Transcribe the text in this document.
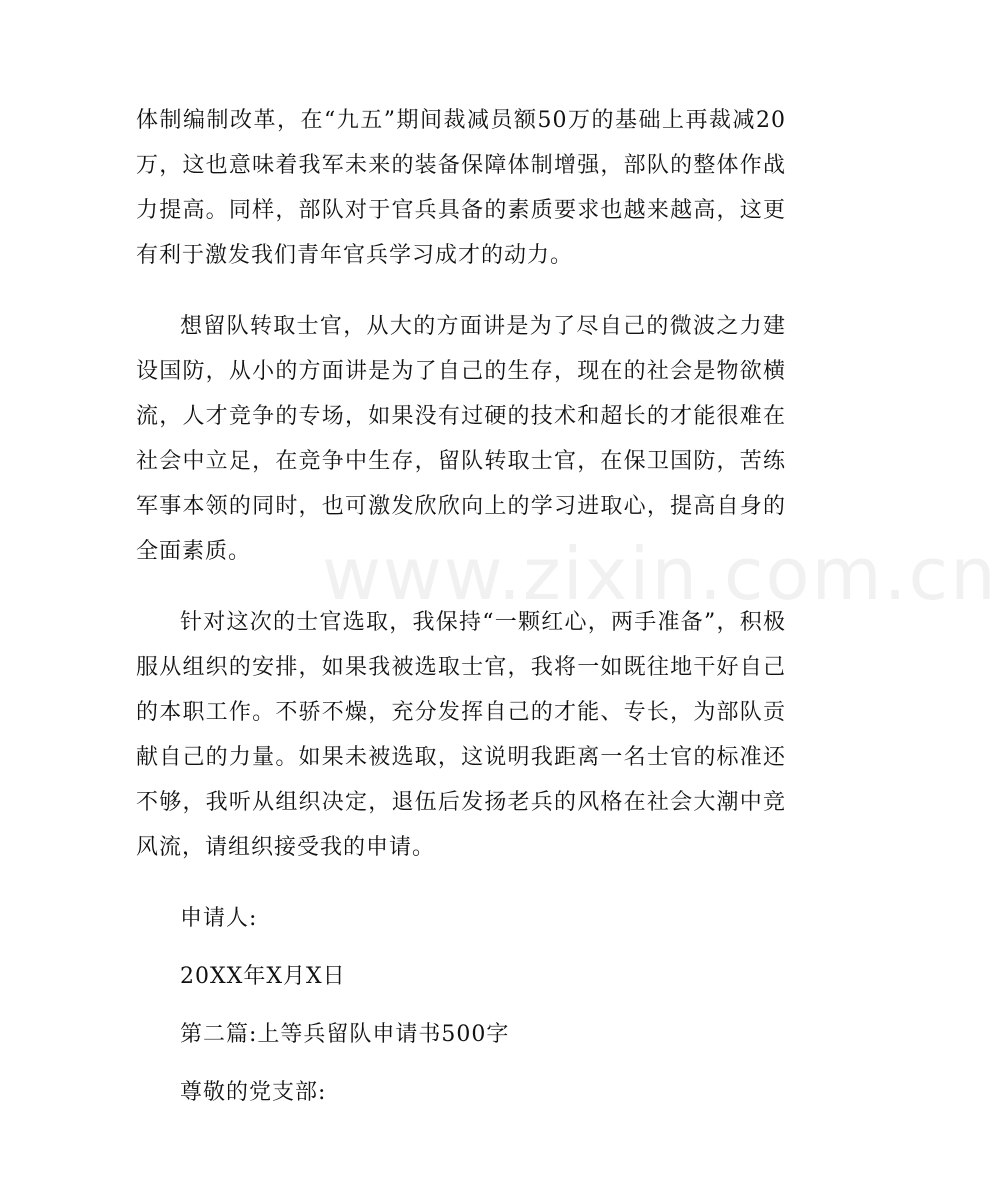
www.zixin.com.cn

体制编制改革，在“九五”期间裁减员额50万的基础上再裁减20万，这也意味着我军未来的装备保障体制增强，部队的整体作战力提高。同样，部队对于官兵具备的素质要求也越来越高，这更有利于激发我们青年官兵学习成才的动力。

想留队转取士官，从大的方面讲是为了尽自己的微波之力建设国防，从小的方面讲是为了自己的生存，现在的社会是物欲横流，人才竞争的专场，如果没有过硬的技术和超长的才能很难在社会中立足，在竞争中生存，留队转取士官，在保卫国防，苦练军事本领的同时，也可激发欣欣向上的学习进取心，提高自身的全面素质。

针对这次的士官选取，我保持“一颗红心，两手准备”，积极服从组织的安排，如果我被选取士官，我将一如既往地干好自己的本职工作。不骄不燥，充分发挥自己的才能、专长，为部队贡献自己的力量。如果未被选取，这说明我距离一名士官的标准还不够，我听从组织决定，退伍后发扬老兵的风格在社会大潮中竞风流，请组织接受我的申请。

申请人:
20XX年X月X日
第二篇:上等兵留队申请书500字
尊敬的党支部:
